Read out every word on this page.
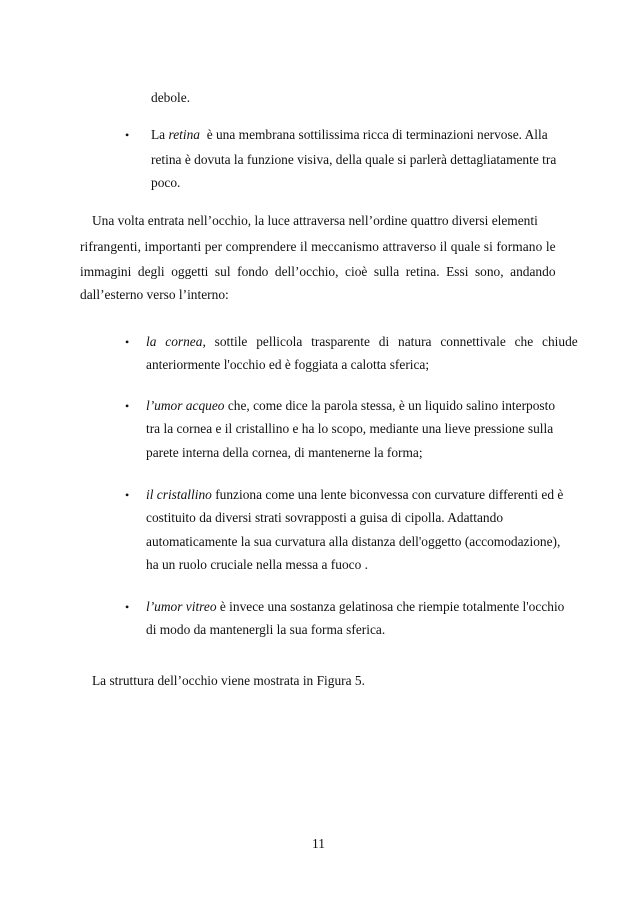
debole.
• La retina è una membrana sottilissima ricca di terminazioni nervose. Alla
retina è dovuta la funzione visiva, della quale si parlerà dettagliatamente tra
poco.
Una volta entrata nell’occhio, la luce attraversa nell’ordine quattro diversi elementi
rifrangenti, importanti per comprendere il meccanismo attraverso il quale si formano le
immagini degli oggetti sul fondo dell’occhio, cioè sulla retina. Essi sono, andando
dall’esterno verso l’interno:
• la cornea, sottile pellicola trasparente di natura connettivale che chiude
anteriormente l'occhio ed è foggiata a calotta sferica;
• l’umor acqueo che, come dice la parola stessa, è un liquido salino interposto
tra la cornea e il cristallino e ha lo scopo, mediante una lieve pressione sulla
parete interna della cornea, di mantenerne la forma;
• il cristallino funziona come una lente biconvessa con curvature differenti ed è
costituito da diversi strati sovrapposti a guisa di cipolla. Adattando
automaticamente la sua curvatura alla distanza dell'oggetto (accomodazione),
ha un ruolo cruciale nella messa a fuoco .
• l’umor vitreo è invece una sostanza gelatinosa che riempie totalmente l'occhio
di modo da mantenergli la sua forma sferica.
La struttura dell’occhio viene mostrata in Figura 5.
11
